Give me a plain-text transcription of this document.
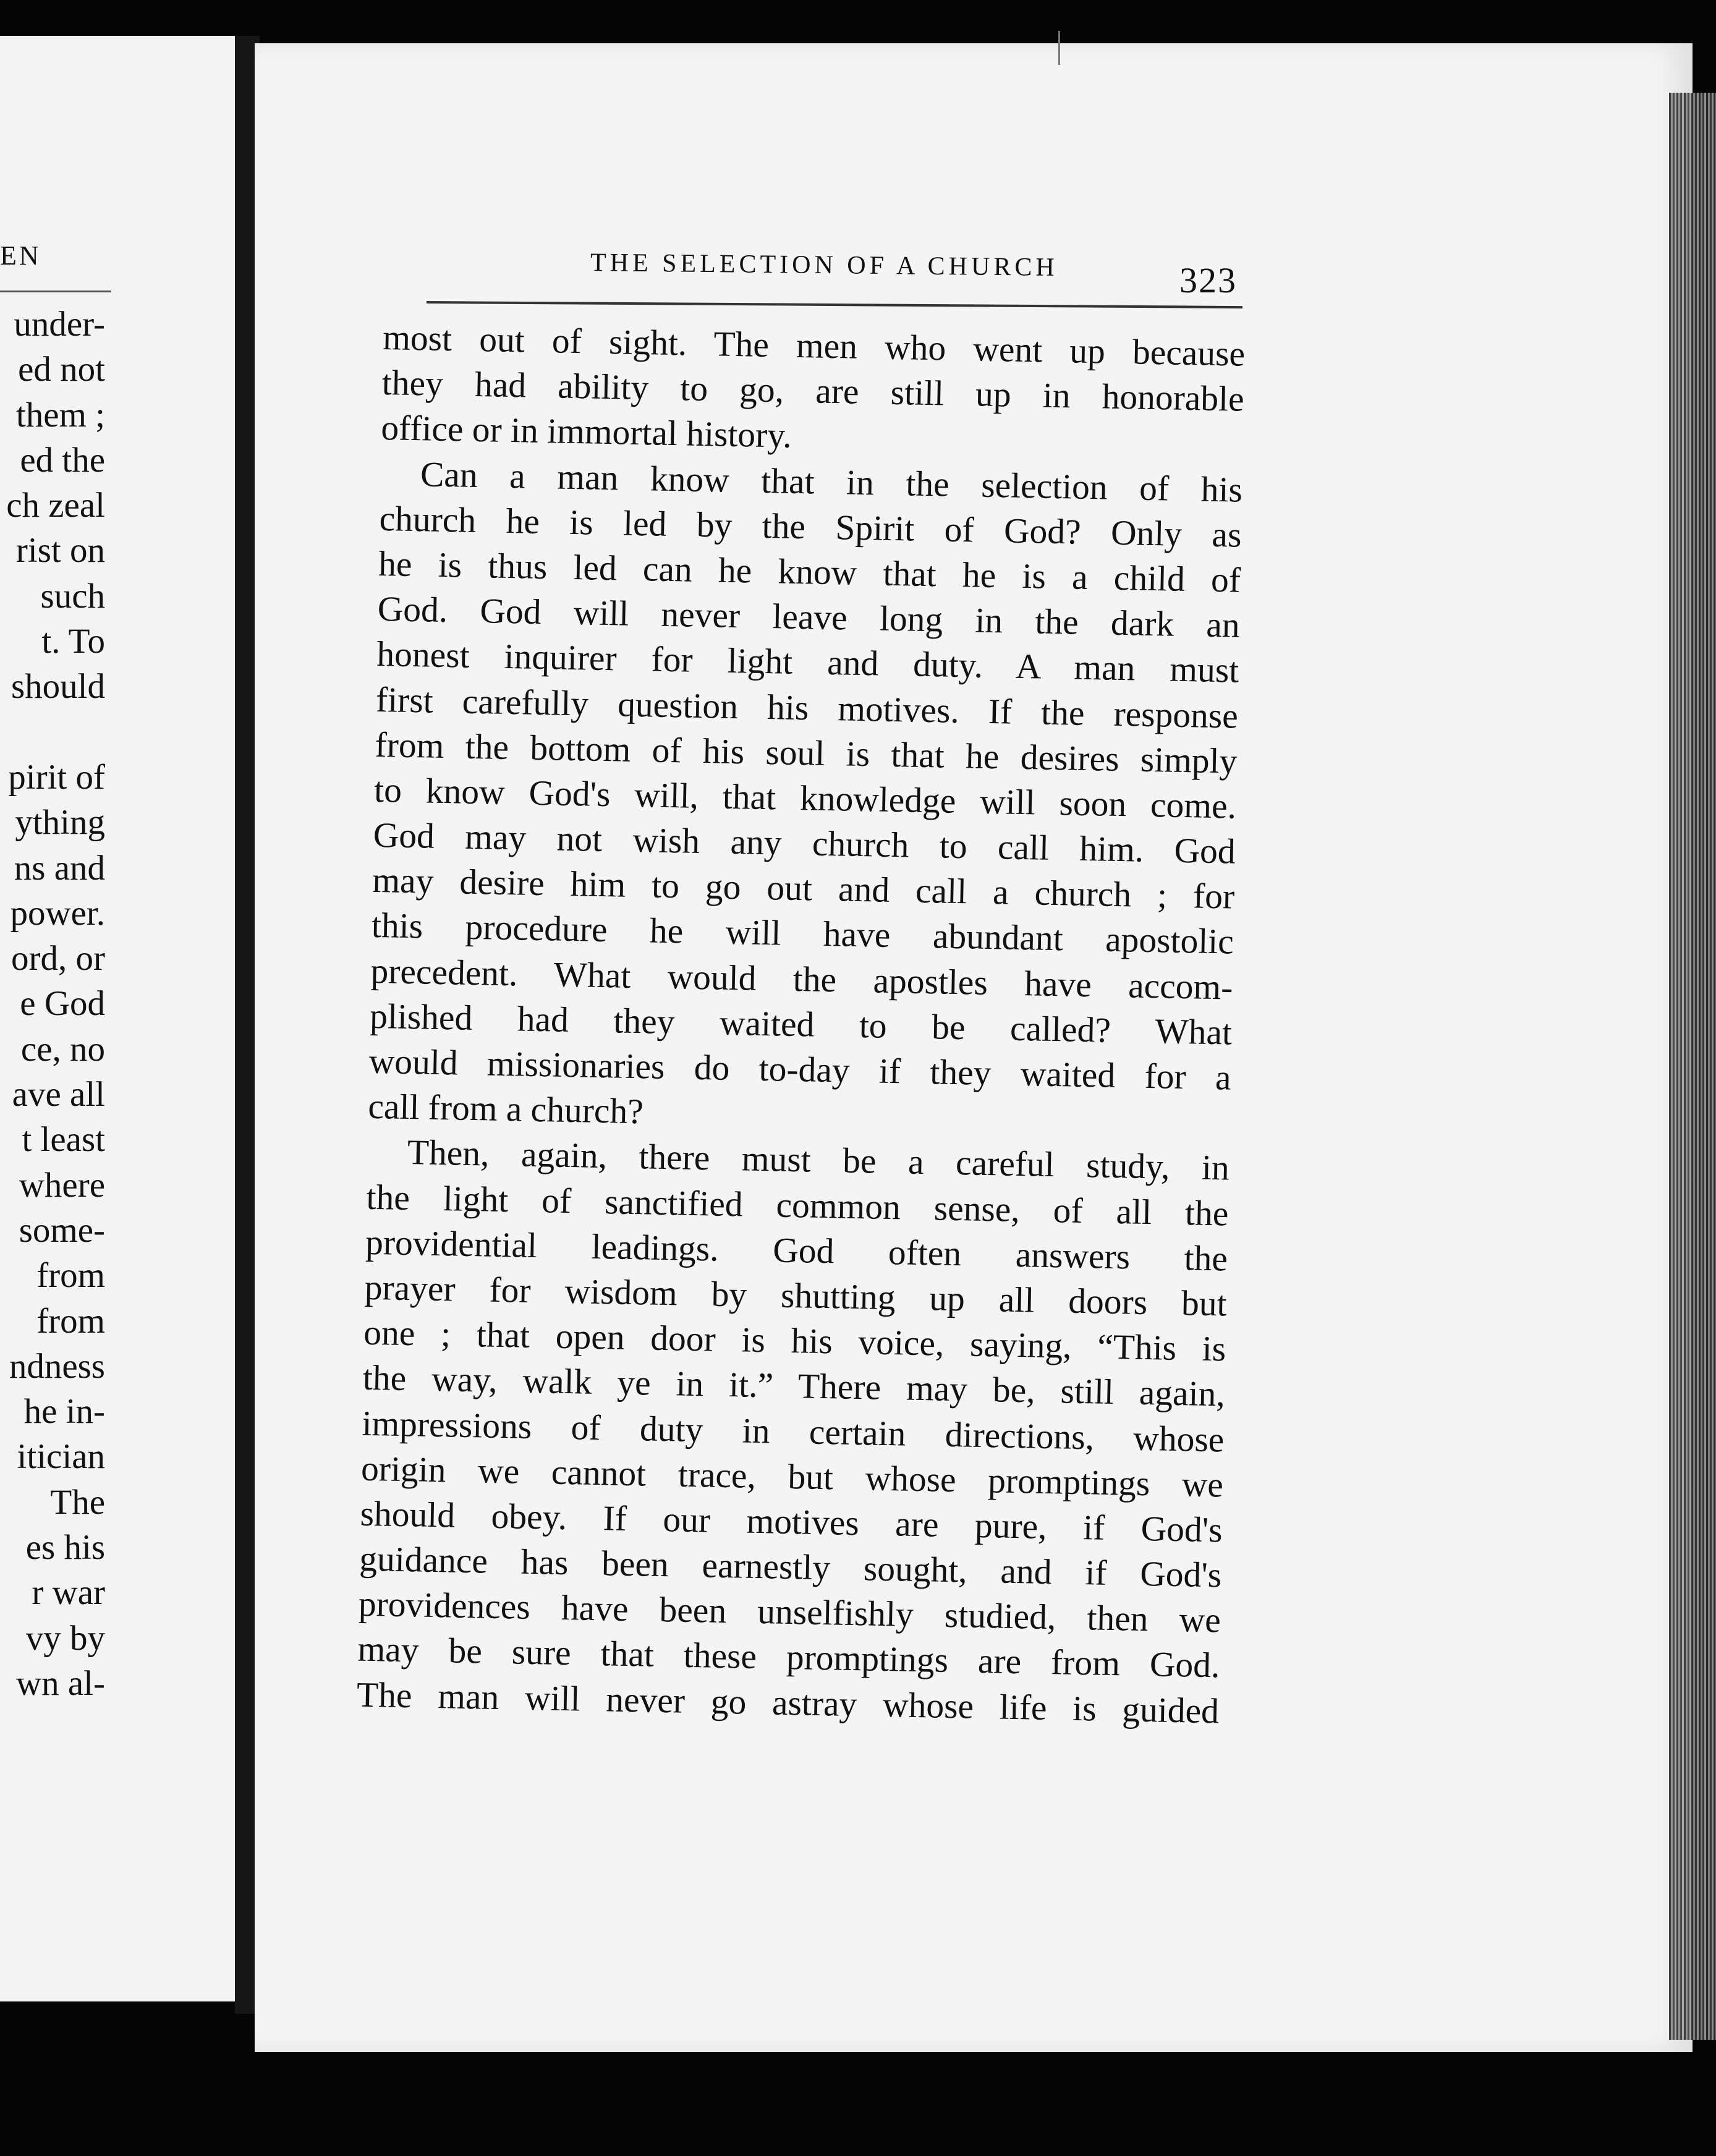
EN
under-
ed not
them ;
ed the
ch zeal
rist on
such
t. To
should
pirit of
ything
ns and
power.
ord, or
e God
ce, no
ave all
t least
where
some-
from
from
ndness
he in-
itician
The
es his
r war
vy by
wn al-
THE SELECTION OF A CHURCH	323
most out of sight. The men who went up because
they had ability to go, are still up in honorable
office or in immortal history.
Can a man know that in the selection of his
church he is led by the Spirit of God? Only as
he is thus led can he know that he is a child of
God. God will never leave long in the dark an
honest inquirer for light and duty. A man must
first carefully question his motives. If the response
from the bottom of his soul is that he desires simply
to know God's will, that knowledge will soon come.
God may not wish any church to call him. God
may desire him to go out and call a church ; for
this procedure he will have abundant apostolic
precedent. What would the apostles have accom-
plished had they waited to be called? What
would missionaries do to-day if they waited for a
call from a church?
Then, again, there must be a careful study, in
the light of sanctified common sense, of all the
providential leadings. God often answers the
prayer for wisdom by shutting up all doors but
one ; that open door is his voice, saying, “This is
the way, walk ye in it.” There may be, still again,
impressions of duty in certain directions, whose
origin we cannot trace, but whose promptings we
should obey. If our motives are pure, if God's
guidance has been earnestly sought, and if God's
providences have been unselfishly studied, then we
may be sure that these promptings are from God.
The man will never go astray whose life is guided
